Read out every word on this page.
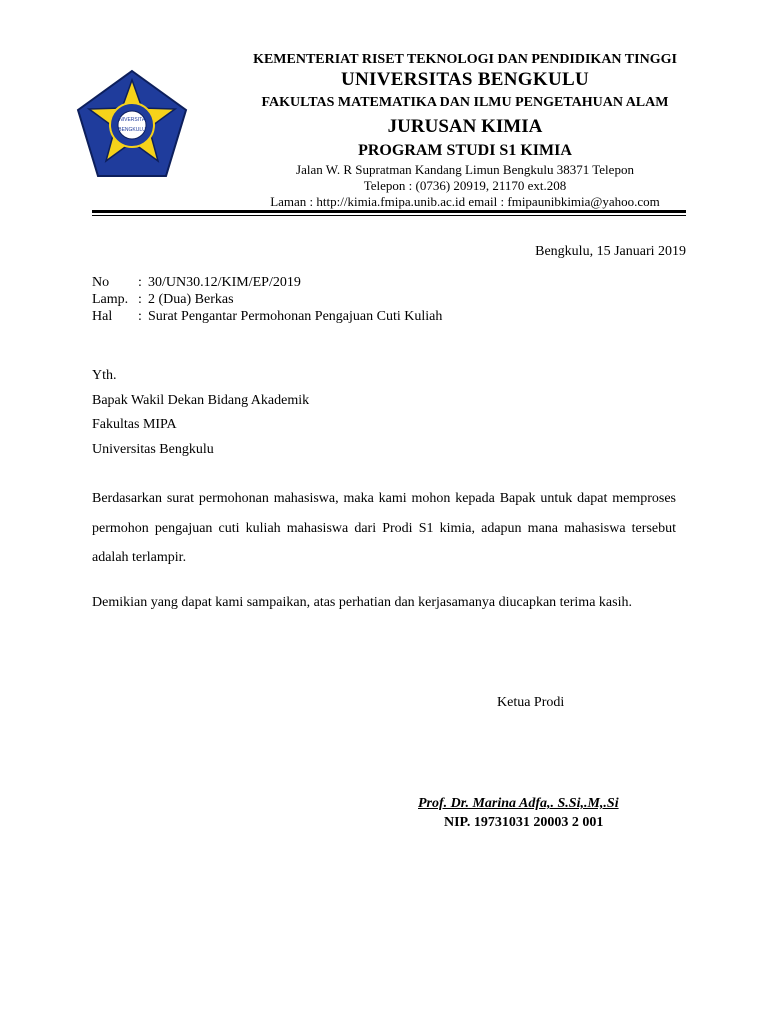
UNIVERSITAS
BENGKULU
KEMENTERIAT RISET TEKNOLOGI DAN PENDIDIKAN TINGGI
UNIVERSITAS BENGKULU
FAKULTAS MATEMATIKA DAN ILMU PENGETAHUAN ALAM
JURUSAN KIMIA
PROGRAM STUDI S1 KIMIA
Jalan W. R Supratman Kandang Limun Bengkulu 38371 Telepon
Telepon : (0736) 20919, 21170 ext.208
Laman : http://kimia.fmipa.unib.ac.id email : fmipaunibkimia@yahoo.com
Bengkulu, 15 Januari 2019
No : 30/UN30.12/KIM/EP/2019
Lamp. : 2 (Dua) Berkas
Hal : Surat Pengantar Permohonan Pengajuan Cuti Kuliah
Yth.
Bapak Wakil Dekan Bidang Akademik
Fakultas MIPA
Universitas Bengkulu
Berdasarkan surat permohonan mahasiswa, maka kami mohon kepada Bapak untuk dapat memproses permohon pengajuan cuti kuliah mahasiswa dari Prodi S1 kimia, adapun mana mahasiswa tersebut adalah terlampir.
Demikian yang dapat kami sampaikan, atas perhatian dan kerjasamanya diucapkan terima kasih.
Ketua Prodi
Prof. Dr. Marina Adfa,. S.Si,.M,.Si
NIP. 19731031 20003 2 001
